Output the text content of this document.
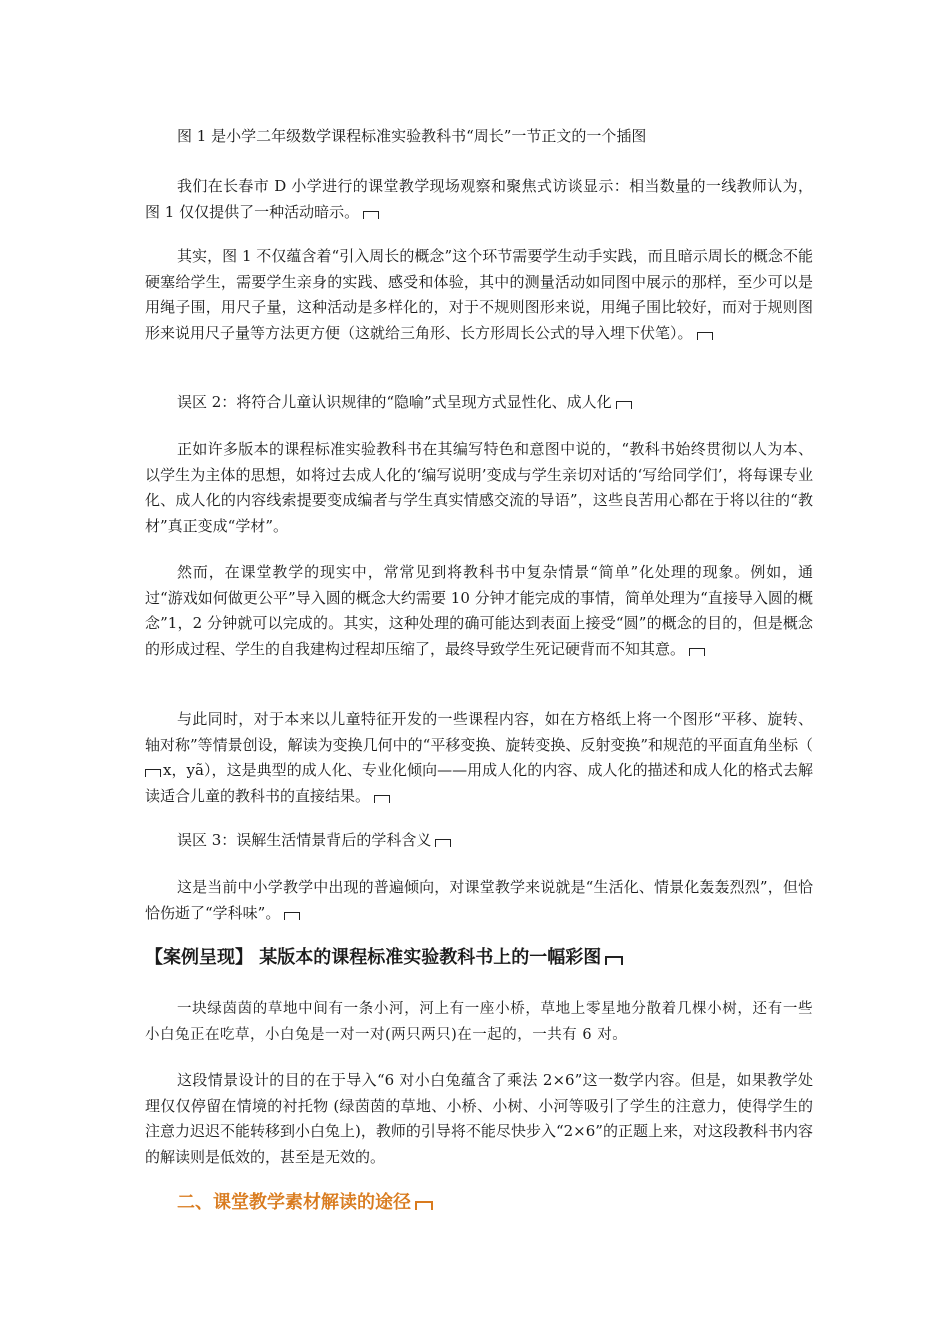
图 1 是小学二年级数学课程标准实验教科书“周长”一节正文的一个插图

我们在长春市 D 小学进行的课堂教学现场观察和聚焦式访谈显示：相当数量的一线教师认为，图 1 仅仅提供了一种活动暗示。

其实，图 1 不仅蕴含着“引入周长的概念”这个环节需要学生动手实践，而且暗示周长的概念不能硬塞给学生，需要学生亲身的实践、感受和体验，其中的测量活动如同图中展示的那样，至少可以是用绳子围，用尺子量，这种活动是多样化的，对于不规则图形来说，用绳子围比较好，而对于规则图形来说用尺子量等方法更方便（这就给三角形、长方形周长公式的导入埋下伏笔）。

误区 2：将符合儿童认识规律的“隐喻”式呈现方式显性化、成人化

正如许多版本的课程标准实验教科书在其编写特色和意图中说的，“教科书始终贯彻以人为本、以学生为主体的思想，如将过去成人化的‘编写说明’变成与学生亲切对话的‘写给同学们’，将每课专业化、成人化的内容线索提要变成编者与学生真实情感交流的导语”，这些良苦用心都在于将以往的“教材”真正变成“学材”。

然而，在课堂教学的现实中，常常见到将教科书中复杂情景“简单”化处理的现象。例如，通过“游戏如何做更公平”导入圆的概念大约需要 10 分钟才能完成的事情，简单处理为“直接导入圆的概念”1，2 分钟就可以完成的。其实，这种处理的确可能达到表面上接受“圆”的概念的目的，但是概念的形成过程、学生的自我建构过程却压缩了，最终导致学生死记硬背而不知其意。

与此同时，对于本来以儿童特征开发的一些课程内容，如在方格纸上将一个图形“平移、旋转、轴对称”等情景创设，解读为变换几何中的“平移变换、旋转变换、反射变换”和规范的平面直角坐标（x，yã），这是典型的成人化、专业化倾向——用成人化的内容、成人化的描述和成人化的格式去解读适合儿童的教科书的直接结果。

误区 3：误解生活情景背后的学科含义

这是当前中小学教学中出现的普遍倾向，对课堂教学来说就是“生活化、情景化轰轰烈烈”，但恰恰伤逝了“学科味”。

【案例呈现】 某版本的课程标准实验教科书上的一幅彩图

一块绿茵茵的草地中间有一条小河，河上有一座小桥，草地上零星地分散着几棵小树，还有一些小白兔正在吃草，小白兔是一对一对(两只两只)在一起的，一共有 6 对。

这段情景设计的目的在于导入“6 对小白兔蕴含了乘法 2×6”这一数学内容。但是，如果教学处理仅仅停留在情境的衬托物 (绿茵茵的草地、小桥、小树、小河等吸引了学生的注意力，使得学生的注意力迟迟不能转移到小白兔上)，教师的引导将不能尽快步入“2×6”的正题上来，对这段教科书内容的解读则是低效的，甚至是无效的。

二、课堂教学素材解读的途径
